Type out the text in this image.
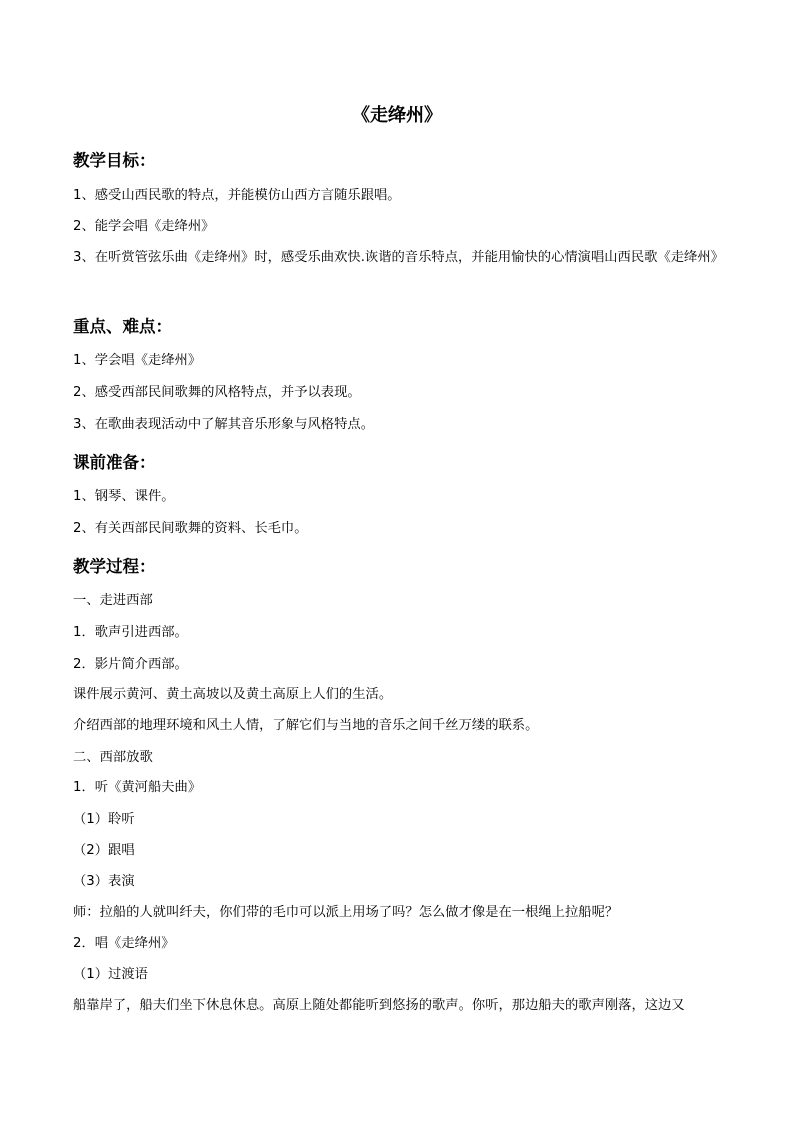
《走绛州》
教学目标：
1、感受山西民歌的特点，并能模仿山西方言随乐跟唱。
2、能学会唱《走绛州》
3、在听赏管弦乐曲《走绛州》时，感受乐曲欢快.诙谐的音乐特点，并能用愉快的心情演唱山西民歌《走绛州》
重点、难点：
1、学会唱《走绛州》
2、感受西部民间歌舞的风格特点，并予以表现。
3、在歌曲表现活动中了解其音乐形象与风格特点。
课前准备：
1、钢琴、课件。
2、有关西部民间歌舞的资料、长毛巾。
教学过程：
一、走进西部
1．歌声引进西部。
2．影片简介西部。
课件展示黄河、黄土高坡以及黄土高原上人们的生活。
介绍西部的地理环境和风土人情，了解它们与当地的音乐之间千丝万缕的联系。
二、西部放歌
1．听《黄河船夫曲》
（1）聆听
（2）跟唱
（3）表演
师：拉船的人就叫纤夫，你们带的毛巾可以派上用场了吗？怎么做才像是在一根绳上拉船呢？
2．唱《走绛州》
（1）过渡语
船靠岸了，船夫们坐下休息休息。高原上随处都能听到悠扬的歌声。你听，那边船夫的歌声刚落，这边又
